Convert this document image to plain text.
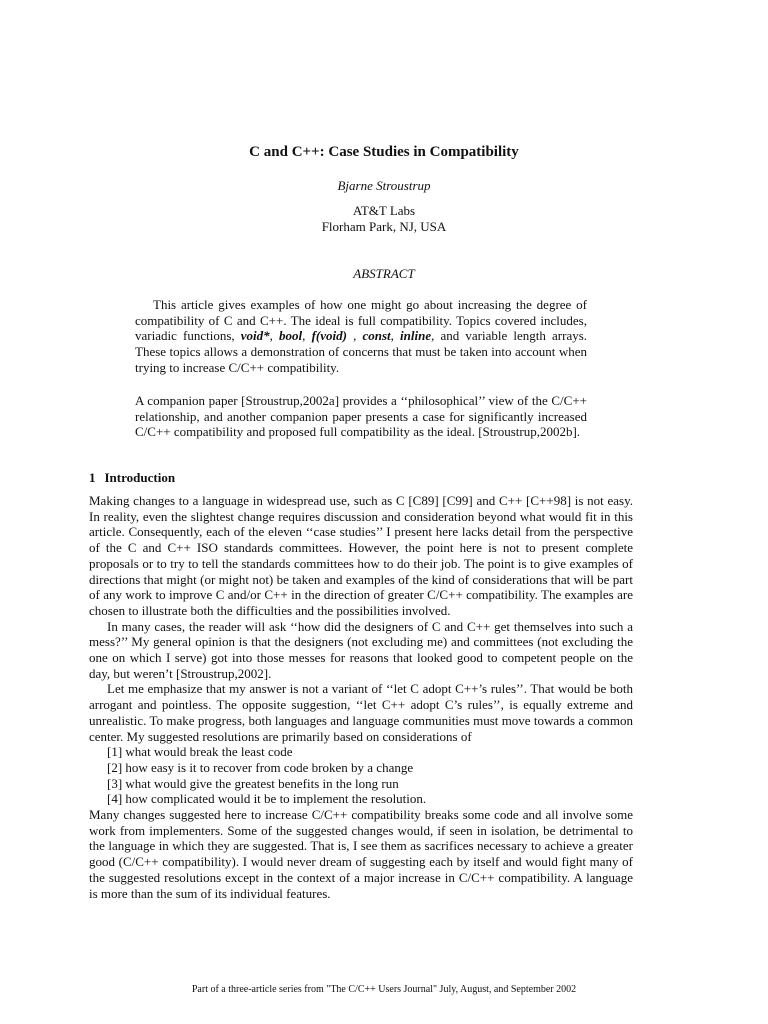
C and C++: Case Studies in Compatibility
Bjarne Stroustrup
AT&T Labs
Florham Park, NJ, USA
ABSTRACT

This article gives examples of how one might go about increasing the degree of compatibility of C and C++. The ideal is full compatibility. Topics covered includes, variadic functions, void*, bool, f(void) , const, inline, and variable length arrays. These topics allows a demonstration of concerns that must be taken into account when trying to increase C/C++ compatibility.

A companion paper [Stroustrup,2002a] provides a ‘‘philosophical’’ view of the C/C++ relationship, and another companion paper presents a case for significantly increased C/C++ compatibility and proposed full compatibility as the ideal. [Stroustrup,2002b].

1 Introduction

Making changes to a language in widespread use, such as C [C89] [C99] and C++ [C++98] is not easy. In reality, even the slightest change requires discussion and consideration beyond what would fit in this article. Consequently, each of the eleven ‘‘case studies’’ I present here lacks detail from the perspective of the C and C++ ISO standards committees. However, the point here is not to present complete proposals or to try to tell the standards committees how to do their job. The point is to give examples of directions that might (or might not) be taken and examples of the kind of considerations that will be part of any work to improve C and/or C++ in the direction of greater C/C++ compatibility. The examples are chosen to illustrate both the difficulties and the possibilities involved.

In many cases, the reader will ask ‘‘how did the designers of C and C++ get themselves into such a mess?’’ My general opinion is that the designers (not excluding me) and committees (not excluding the one on which I serve) got into those messes for reasons that looked good to competent people on the day, but weren’t [Stroustrup,2002].

Let me emphasize that my answer is not a variant of ‘‘let C adopt C++’s rules’’. That would be both arrogant and pointless. The opposite suggestion, ‘‘let C++ adopt C’s rules’’, is equally extreme and unrealistic. To make progress, both languages and language communities must move towards a common center. My suggested resolutions are primarily based on considerations of

[1] what would break the least code
[2] how easy is it to recover from code broken by a change
[3] what would give the greatest benefits in the long run
[4] how complicated would it be to implement the resolution.

Many changes suggested here to increase C/C++ compatibility breaks some code and all involve some work from implementers. Some of the suggested changes would, if seen in isolation, be detrimental to the language in which they are suggested. That is, I see them as sacrifices necessary to achieve a greater good (C/C++ compatibility). I would never dream of suggesting each by itself and would fight many of the suggested resolutions except in the context of a major increase in C/C++ compatibility. A language is more than the sum of its individual features.

Part of a three-article series from "The C/C++ Users Journal" July, August, and September 2002
